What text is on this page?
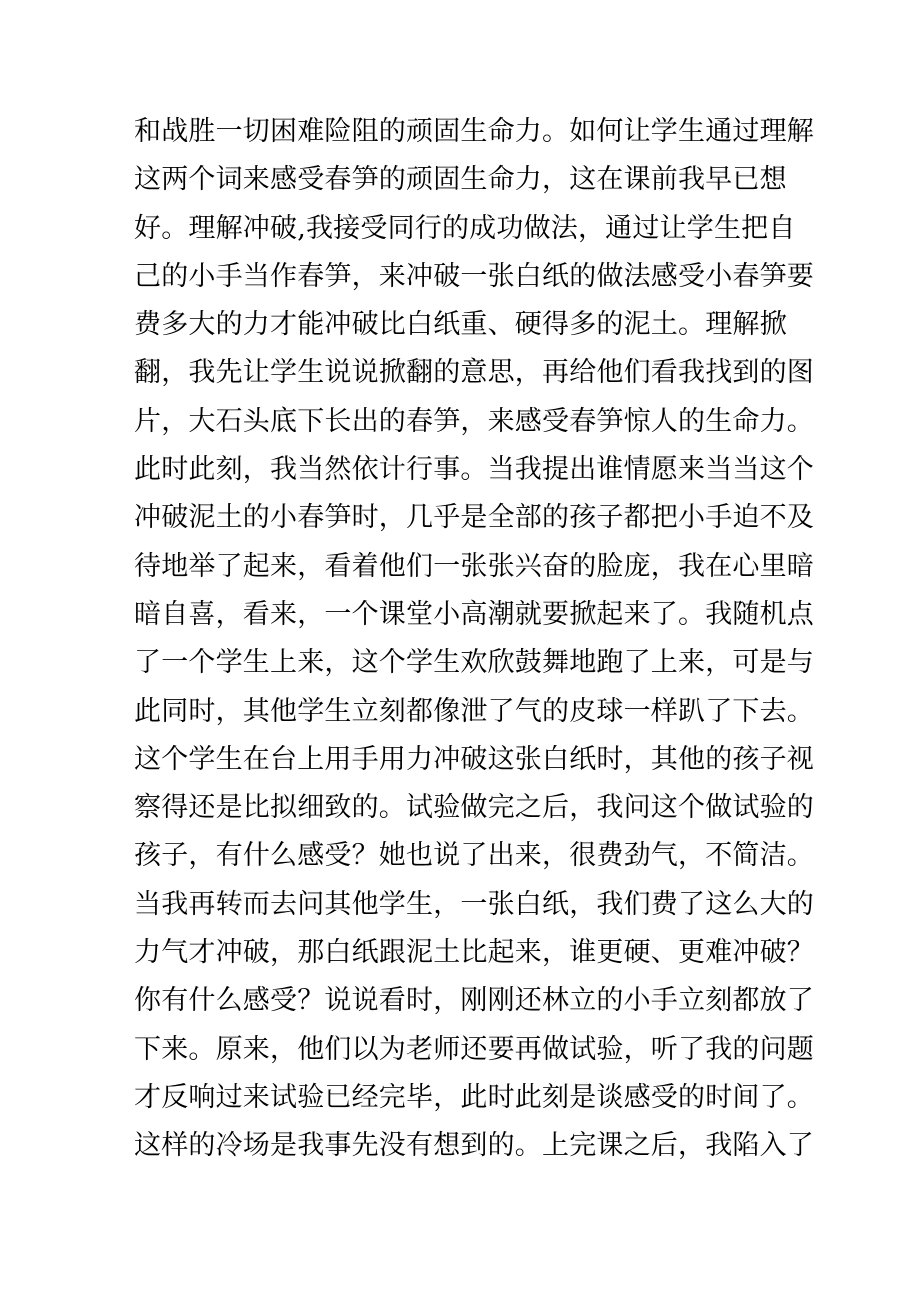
和战胜一切困难险阻的顽固生命力。如何让学生通过理解
这两个词来感受春笋的顽固生命力，这在课前我早已想
好。理解冲破,我接受同行的成功做法，通过让学生把自
己的小手当作春笋，来冲破一张白纸的做法感受小春笋要
费多大的力才能冲破比白纸重、硬得多的泥土。理解掀
翻，我先让学生说说掀翻的意思，再给他们看我找到的图
片，大石头底下长出的春笋，来感受春笋惊人的生命力。
此时此刻，我当然依计行事。当我提出谁情愿来当当这个
冲破泥土的小春笋时，几乎是全部的孩子都把小手迫不及
待地举了起来，看着他们一张张兴奋的脸庞，我在心里暗
暗自喜，看来，一个课堂小高潮就要掀起来了。我随机点
了一个学生上来，这个学生欢欣鼓舞地跑了上来，可是与
此同时，其他学生立刻都像泄了气的皮球一样趴了下去。
这个学生在台上用手用力冲破这张白纸时，其他的孩子视
察得还是比拟细致的。试验做完之后，我问这个做试验的
孩子，有什么感受？她也说了出来，很费劲气，不简洁。
当我再转而去问其他学生，一张白纸，我们费了这么大的
力气才冲破，那白纸跟泥土比起来，谁更硬、更难冲破？
你有什么感受？说说看时，刚刚还林立的小手立刻都放了
下来。原来，他们以为老师还要再做试验，听了我的问题
才反响过来试验已经完毕，此时此刻是谈感受的时间了。
这样的冷场是我事先没有想到的。上完课之后，我陷入了
